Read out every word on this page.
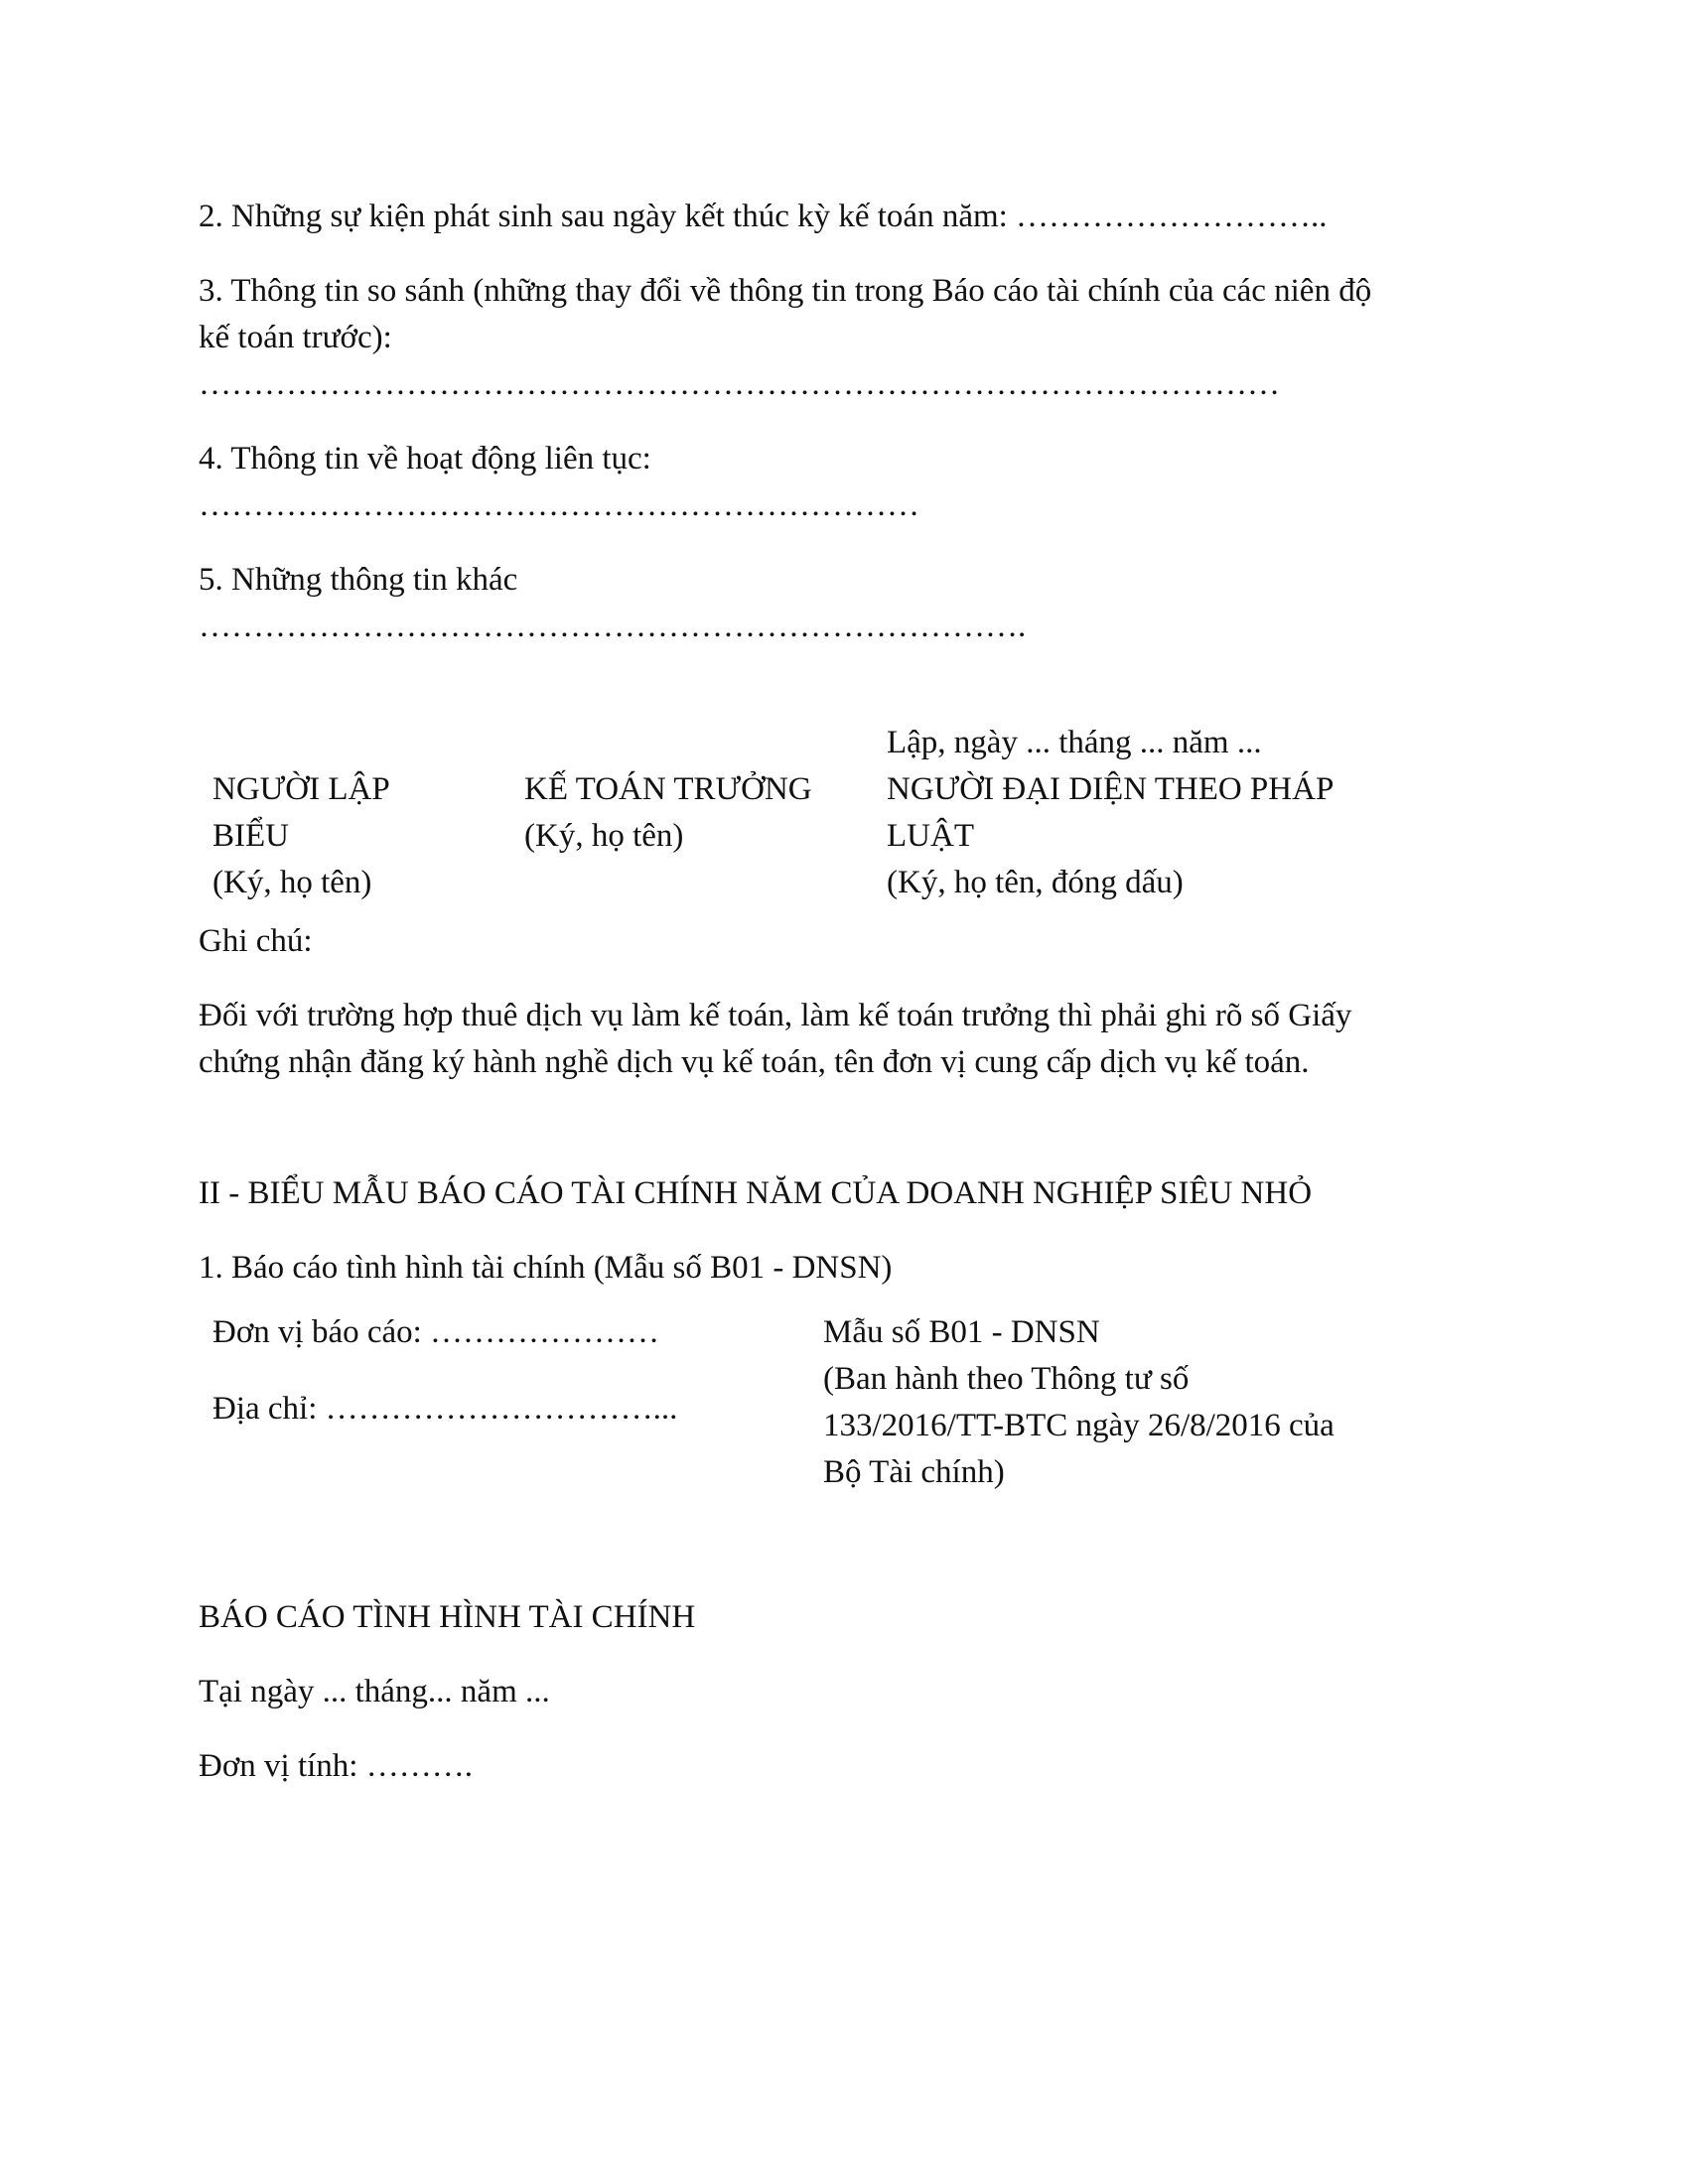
2. Những sự kiện phát sinh sau ngày kết thúc kỳ kế toán năm: ………………………..

3. Thông tin so sánh (những thay đổi về thông tin trong Báo cáo tài chính của các niên độ

kế toán trước):

………………………………………………………………………………………

4. Thông tin về hoạt động liên tục:

…………………………………………………………

5. Những thông tin khác

………………………………………………………………….

NGƯỜI LẬP

BIỂU

(Ký, họ tên)

KẾ TOÁN TRƯỞNG

(Ký, họ tên)

Lập, ngày ... tháng ... năm ...

NGƯỜI ĐẠI DIỆN THEO PHÁP

LUẬT

(Ký, họ tên, đóng dấu)

Ghi chú:

Đối với trường hợp thuê dịch vụ làm kế toán, làm kế toán trưởng thì phải ghi rõ số Giấy

chứng nhận đăng ký hành nghề dịch vụ kế toán, tên đơn vị cung cấp dịch vụ kế toán.

II - BIỂU MẪU BÁO CÁO TÀI CHÍNH NĂM CỦA DOANH NGHIỆP SIÊU NHỎ

1. Báo cáo tình hình tài chính (Mẫu số B01 - DNSN)

Đơn vị báo cáo: …………………

Địa chỉ: …………………………...

Mẫu số B01 - DNSN

(Ban hành theo Thông tư số

133/2016/TT-BTC ngày 26/8/2016 của

Bộ Tài chính)

BÁO CÁO TÌNH HÌNH TÀI CHÍNH

Tại ngày ... tháng... năm ...

Đơn vị tính: ……….
